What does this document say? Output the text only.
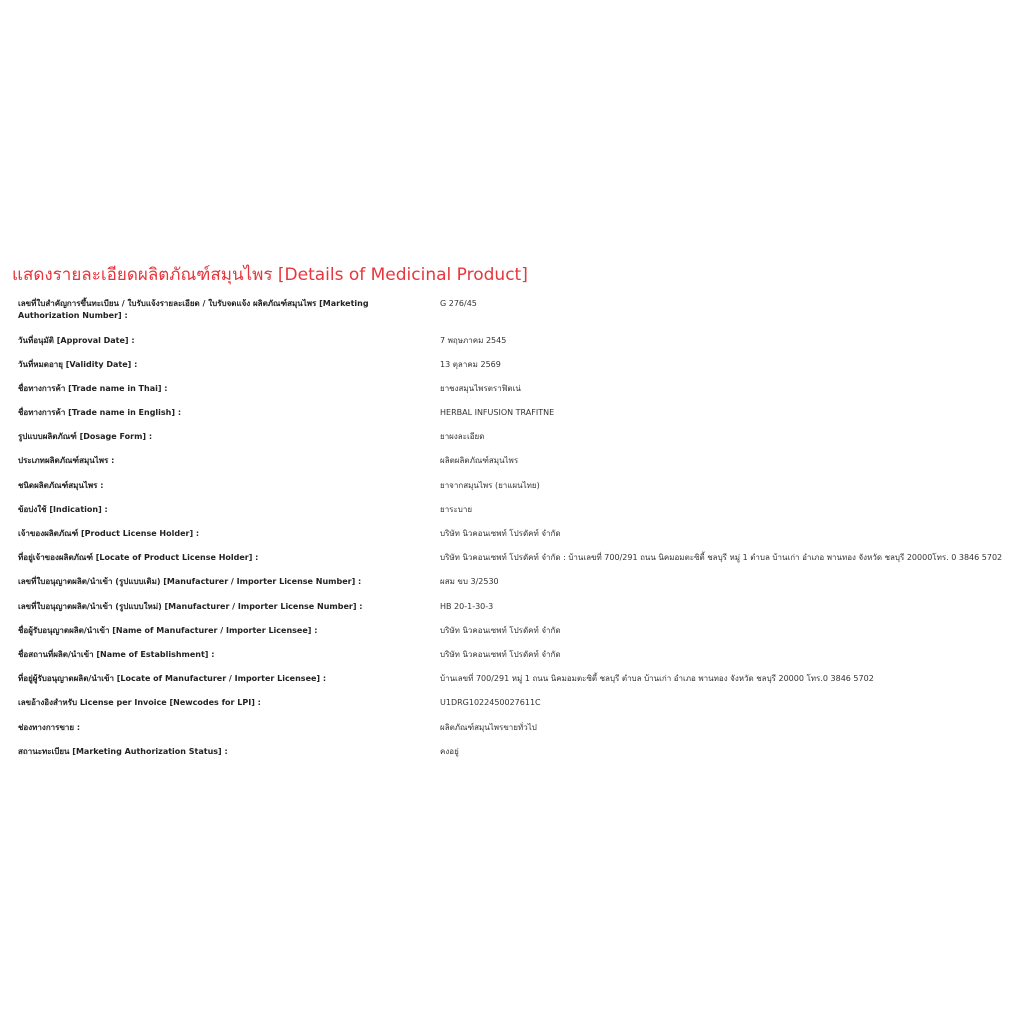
แสดงรายละเอียดผลิตภัณฑ์สมุนไพร [Details of Medicinal Product]
เลขที่ใบสำคัญการขึ้นทะเบียน / ใบรับแจ้งรายละเอียด / ใบรับจดแจ้ง ผลิตภัณฑ์สมุนไพร [Marketing Authorization Number] :
G 276/45
วันที่อนุมัติ [Approval Date] :	7 พฤษภาคม 2545
วันที่หมดอายุ [Validity Date] :	13 ตุลาคม 2569
ชื่อทางการค้า [Trade name in Thai] :	ยาชงสมุนไพรตราฟิตเน่
ชื่อทางการค้า [Trade name in English] :	HERBAL INFUSION TRAFITNE
รูปแบบผลิตภัณฑ์ [Dosage Form] :	ยาผงละเอียด
ประเภทผลิตภัณฑ์สมุนไพร :	ผลิตผลิตภัณฑ์สมุนไพร
ชนิดผลิตภัณฑ์สมุนไพร :	ยาจากสมุนไพร (ยาแผนไทย)
ข้อบ่งใช้ [Indication] :	ยาระบาย
เจ้าของผลิตภัณฑ์ [Product License Holder] :	บริษัท นิวคอนเซพท์ โปรดัคท์ จำกัด
ที่อยู่เจ้าของผลิตภัณฑ์ [Locate of Product License Holder] :	บริษัท นิวคอนเซพท์ โปรดัคท์ จำกัด : บ้านเลขที่ 700/291 ถนน นิคมอมตะซิตี้ ชลบุรี หมู่ 1 ตำบล บ้านเก่า อำเภอ พานทอง จังหวัด ชลบุรี 20000โทร. 0 3846 5702
เลขที่ใบอนุญาตผลิต/นำเข้า (รูปแบบเดิม) [Manufacturer / Importer License Number] :	ผสม ขบ 3/2530
เลขที่ใบอนุญาตผลิต/นำเข้า (รูปแบบใหม่) [Manufacturer / Importer License Number] :	HB 20-1-30-3
ชื่อผู้รับอนุญาตผลิต/นำเข้า [Name of Manufacturer / Importer Licensee] :	บริษัท นิวคอนเซพท์ โปรดัคท์ จำกัด
ชื่อสถานที่ผลิต/นำเข้า [Name of Establishment] :	บริษัท นิวคอนเซพท์ โปรดัคท์ จำกัด
ที่อยู่ผู้รับอนุญาตผลิต/นำเข้า [Locate of Manufacturer / Importer Licensee] :	บ้านเลขที่ 700/291 หมู่ 1 ถนน นิคมอมตะซิตี้ ชลบุรี ตำบล บ้านเก่า อำเภอ พานทอง จังหวัด ชลบุรี 20000 โทร.0 3846 5702
เลขอ้างอิงสำหรับ License per Invoice [Newcodes for LPI] :	U1DRG1022450027611C
ช่องทางการขาย :	ผลิตภัณฑ์สมุนไพรขายทั่วไป
สถานะทะเบียน [Marketing Authorization Status] :	คงอยู่
